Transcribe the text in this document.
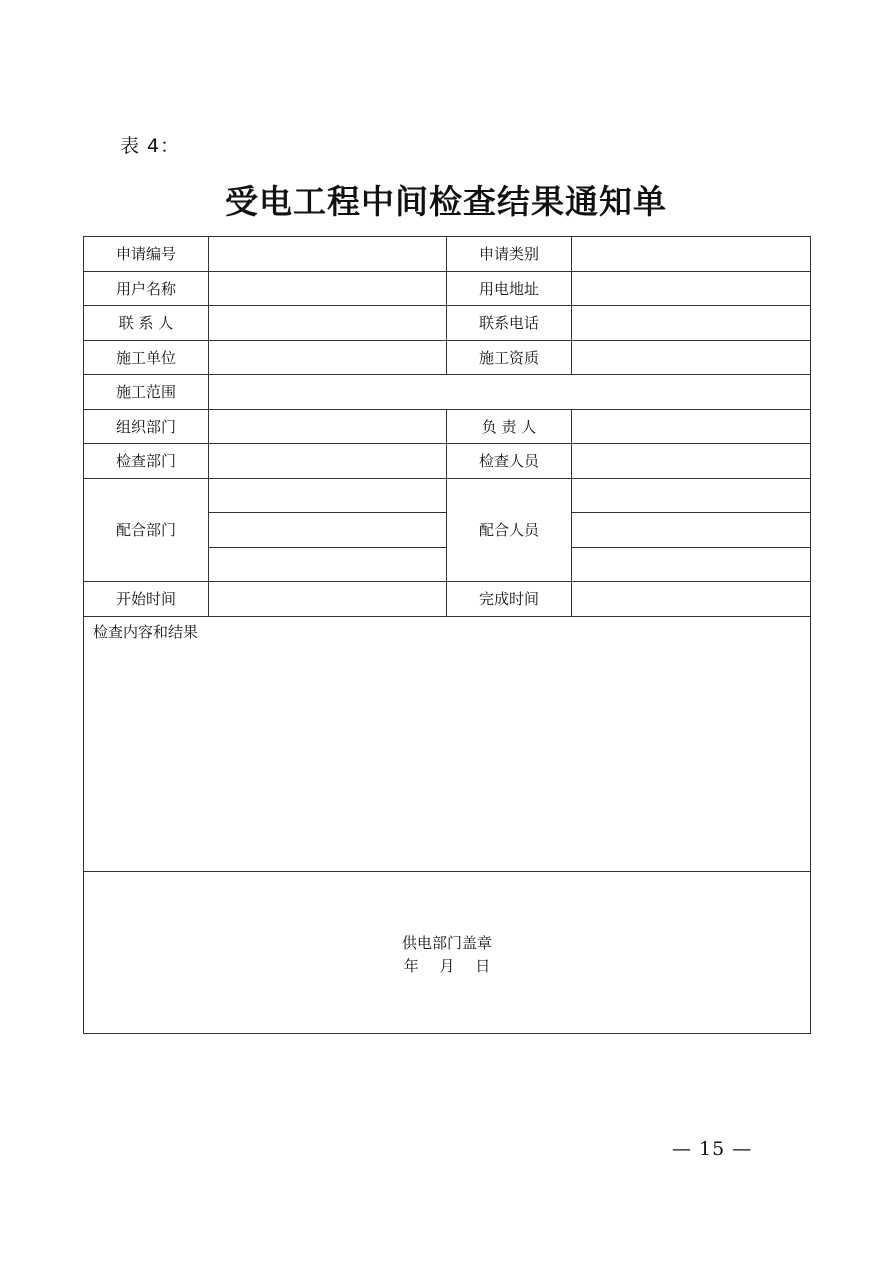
表 4：
受电工程中间检查结果通知单
申请编号		申请类别	
用户名称		用电地址	
联 系 人		联系电话	
施工单位		施工资质	
施工范围			
组织部门		负 责 人	
检查部门		检查人员	
配合部门		配合人员	

开始时间		完成时间	
检查内容和结果			

供电部门盖章
年 月 日			
— 15 —
